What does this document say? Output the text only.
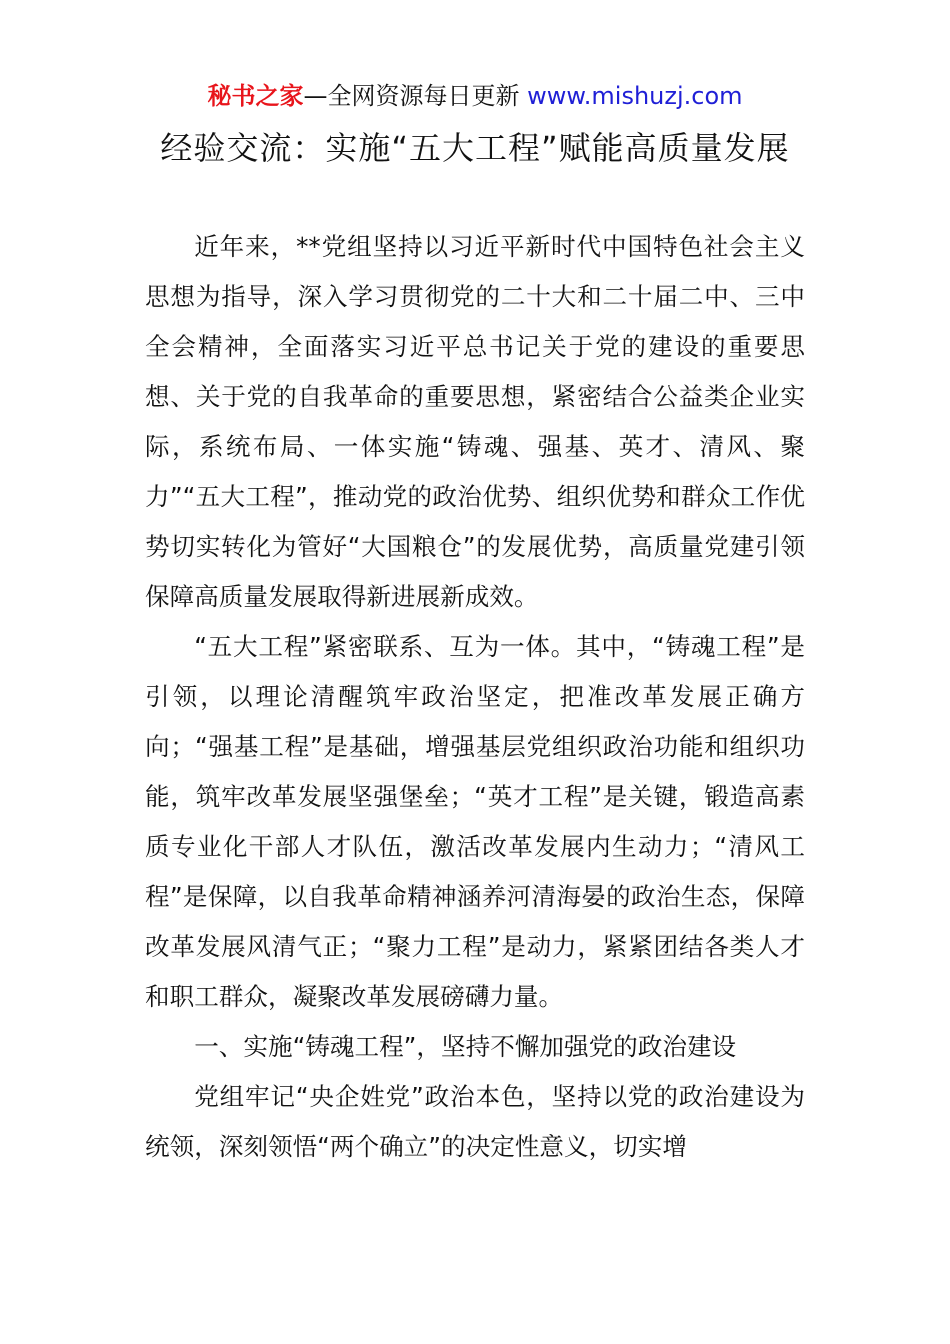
秘书之家—全网资源每日更新 www.mishuzj.com
经验交流：实施“五大工程”赋能高质量发展

近年来，**党组坚持以习近平新时代中国特色社会主义思想为指导，深入学习贯彻党的二十大和二十届二中、三中全会精神，全面落实习近平总书记关于党的建设的重要思想、关于党的自我革命的重要思想，紧密结合公益类企业实际，系统布局、一体实施“铸魂、强基、英才、清风、聚力”“五大工程”，推动党的政治优势、组织优势和群众工作优势切实转化为管好“大国粮仓”的发展优势，高质量党建引领保障高质量发展取得新进展新成效。

“五大工程”紧密联系、互为一体。其中，“铸魂工程”是引领，以理论清醒筑牢政治坚定，把准改革发展正确方向；“强基工程”是基础，增强基层党组织政治功能和组织功能，筑牢改革发展坚强堡垒；“英才工程”是关键，锻造高素质专业化干部人才队伍，激活改革发展内生动力；“清风工程”是保障，以自我革命精神涵养河清海晏的政治生态，保障改革发展风清气正；“聚力工程”是动力，紧紧团结各类人才和职工群众，凝聚改革发展磅礴力量。

一、实施“铸魂工程”，坚持不懈加强党的政治建设

党组牢记“央企姓党”政治本色，坚持以党的政治建设为统领，深刻领悟“两个确立”的决定性意义，切实增
